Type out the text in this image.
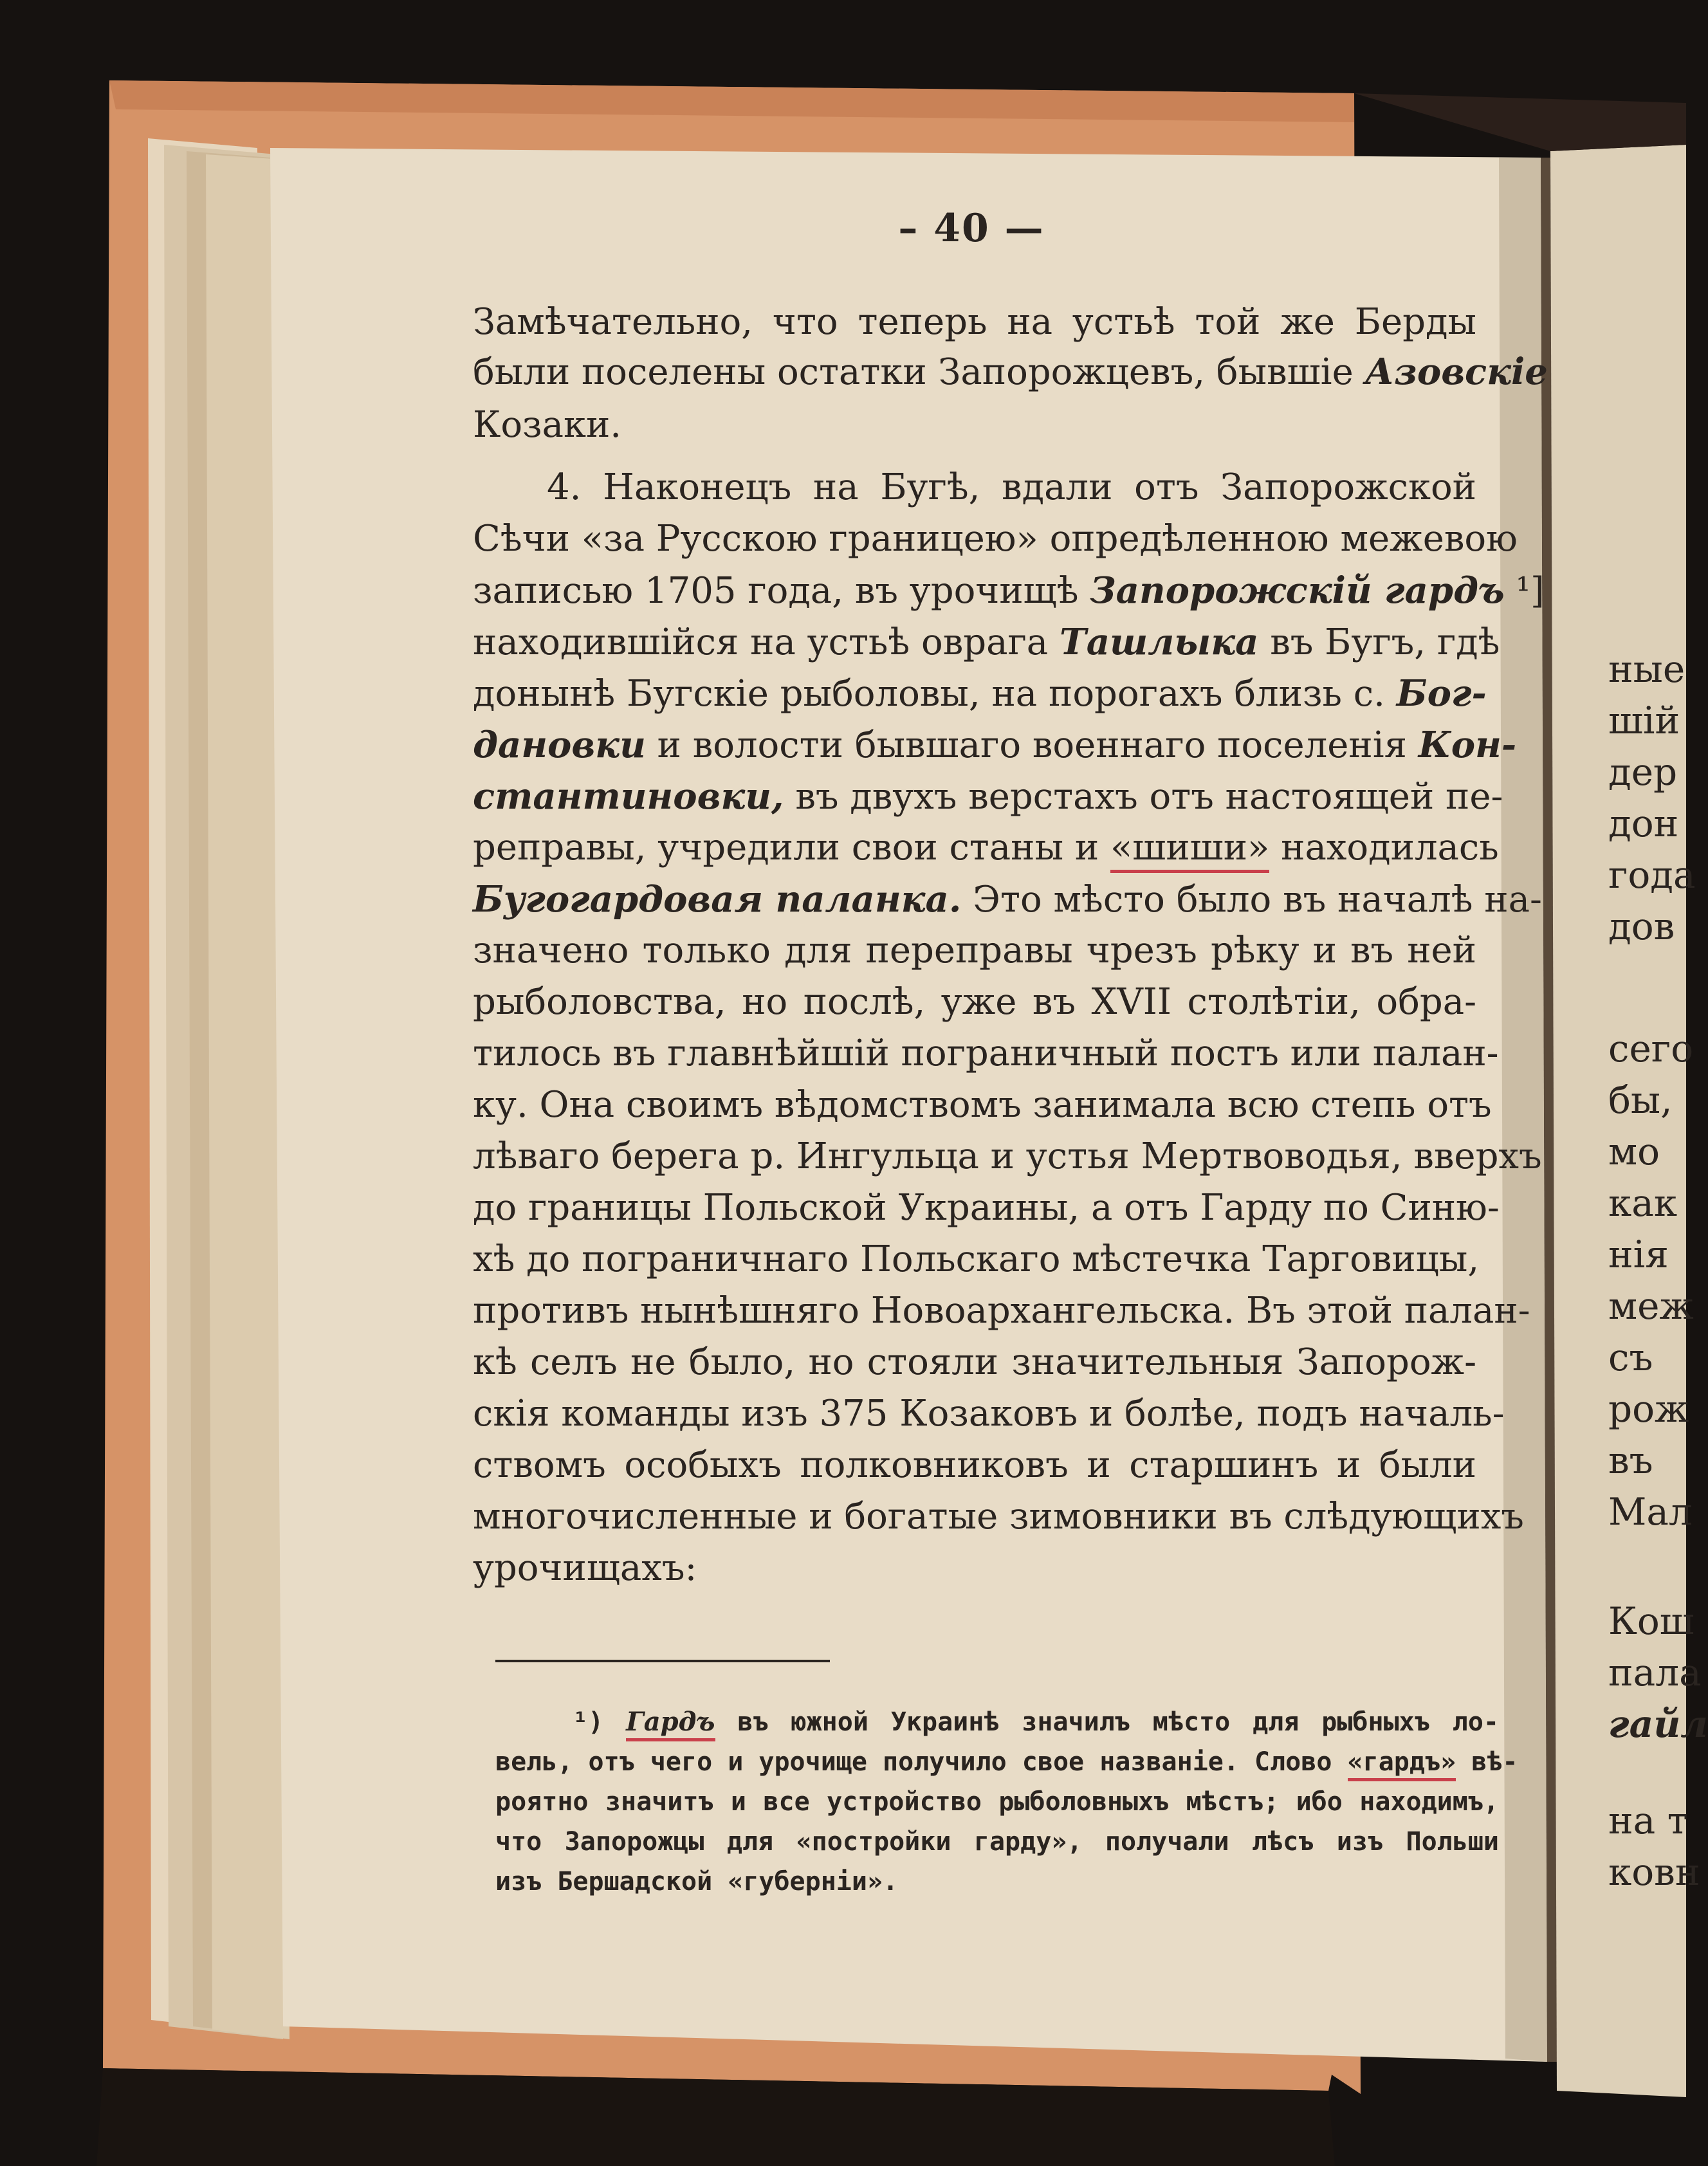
– 40 —
Замѣчательно, что теперь на устьѣ той же Берды
были поселены остатки Запорожцевъ, бывшіе Азовскіе
Козаки.
4. Наконецъ на Бугѣ, вдали отъ Запорожской
Сѣчи «за Русскою границею» опредѣленною межевою
записью 1705 года, въ урочищѣ Запорожскій гардъ ¹]
находившійся на устьѣ оврага Ташлыка въ Бугъ, гдѣ
донынѣ Бугскіе рыболовы, на порогахъ близь с. Бог-
дановки и волости бывшаго военнаго поселенія Кон-
стантиновки, въ двухъ верстахъ отъ настоящей пе-
реправы, учредили свои станы и «шиши» находилась
Бугогардовая паланка. Это мѣсто было въ началѣ на-
значено только для переправы чрезъ рѣку и въ ней
рыболовства, но послѣ, уже въ XVII столѣтіи, обра-
тилось въ главнѣйшій пограничный постъ или палан-
ку. Она своимъ вѣдомствомъ занимала всю степь отъ
лѣваго берега р. Ингульца и устья Мертвоводья, вверхъ
до границы Польской Украины, а отъ Гарду по Синю-
хѣ до пограничнаго Польскаго мѣстечка Тарговицы,
противъ нынѣшняго Новоархангельска. Въ этой палан-
кѣ селъ не было, но стояли значительныя Запорож-
скія команды изъ 375 Козаковъ и болѣе, подъ началь-
ствомъ особыхъ полковниковъ и старшинъ и были
многочисленные и богатые зимовники въ слѣдующихъ
урочищахъ:
¹) Гардъ въ южной Украинѣ значилъ мѣсто для рыбныхъ ло-
вель, отъ чего и урочище получило свое названіе. Слово «гардъ» вѣ-
роятно значитъ и все устройство рыболовныхъ мѣстъ; ибо находимъ,
что Запорожцы для «постройки гарду», получали лѣсъ изъ Польши
изъ Бершадской «губерніи».
ные
шій
дер
дон
года
дов
сего
бы,
мо
как
нія
меж
съ
рож
въ
Мал
Кош
пала
гайл
на т
ковн
